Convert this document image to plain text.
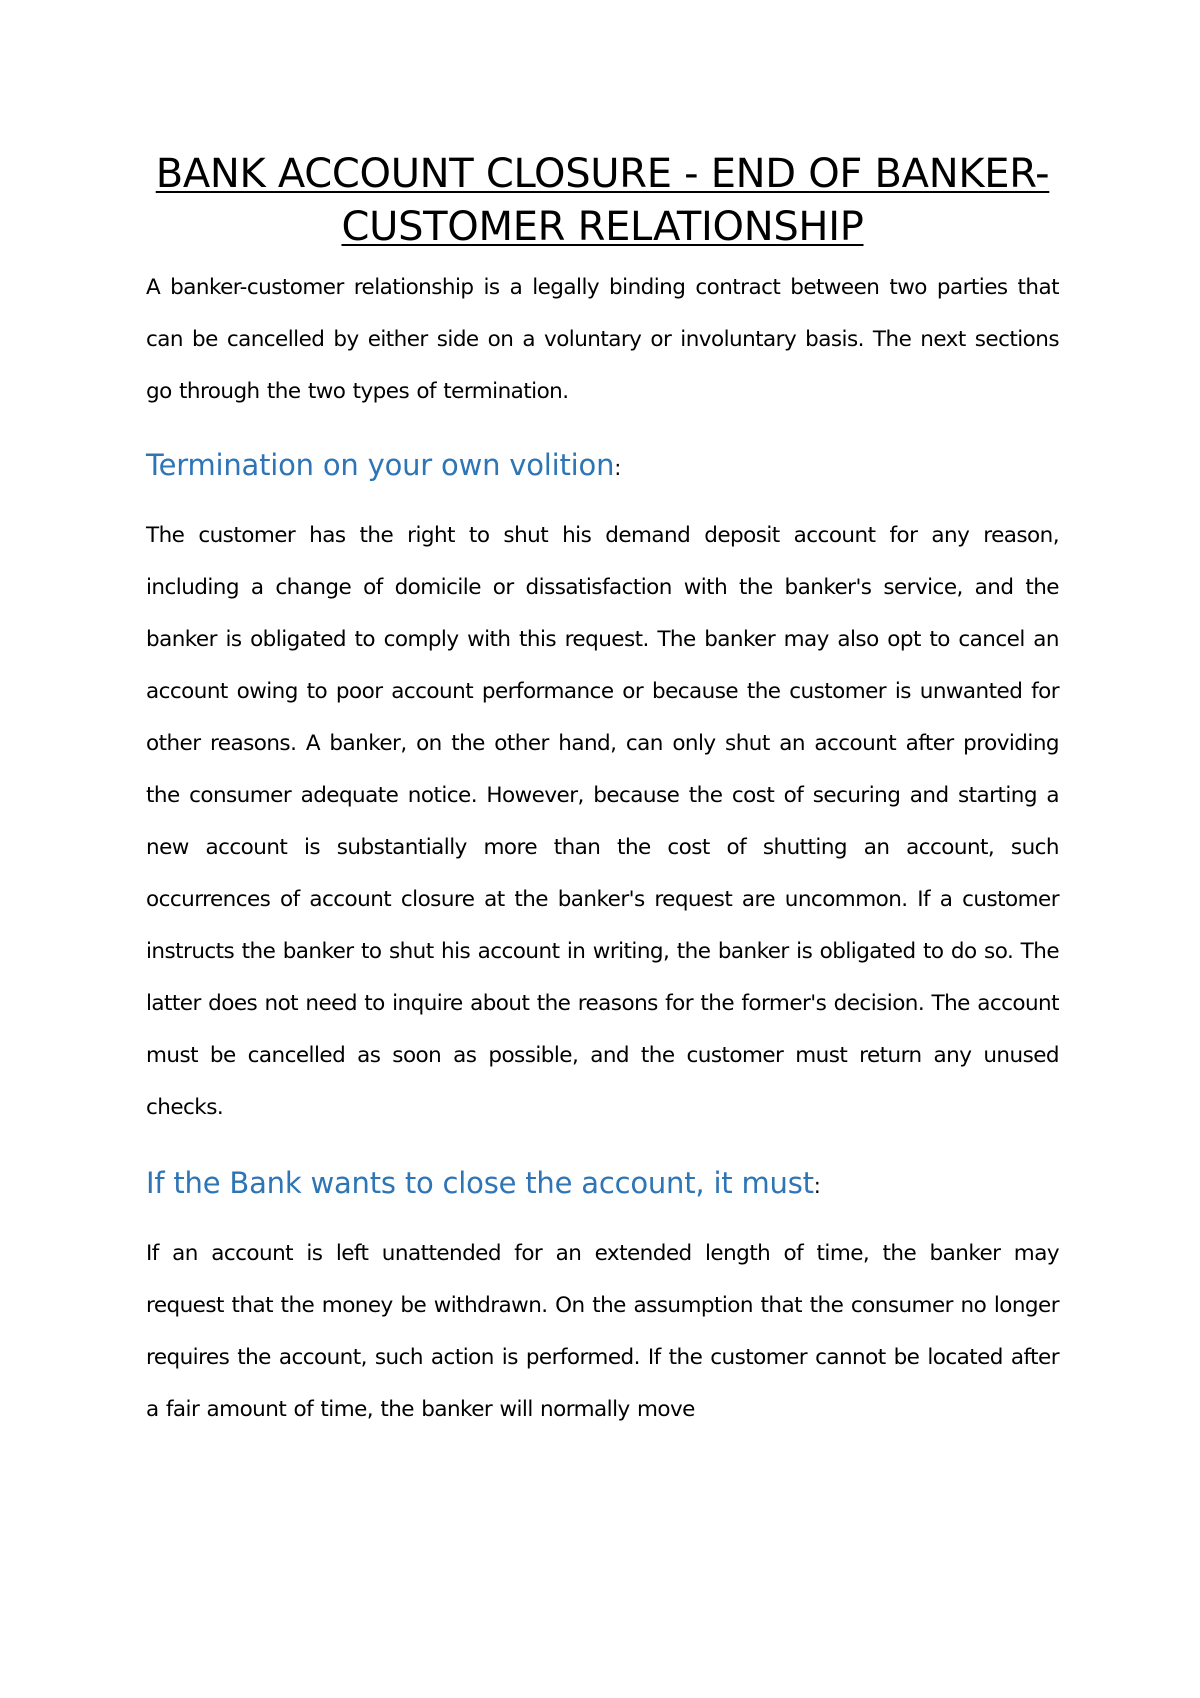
BANK ACCOUNT CLOSURE - END OF BANKER-CUSTOMER RELATIONSHIP

A banker-customer relationship is a legally binding contract between two parties that can be cancelled by either side on a voluntary or involuntary basis. The next sections go through the two types of termination.

Termination on your own volition:

The customer has the right to shut his demand deposit account for any reason, including a change of domicile or dissatisfaction with the banker's service, and the banker is obligated to comply with this request. The banker may also opt to cancel an account owing to poor account performance or because the customer is unwanted for other reasons. A banker, on the other hand, can only shut an account after providing the consumer adequate notice. However, because the cost of securing and starting a new account is substantially more than the cost of shutting an account, such occurrences of account closure at the banker's request are uncommon. If a customer instructs the banker to shut his account in writing, the banker is obligated to do so. The latter does not need to inquire about the reasons for the former's decision. The account must be cancelled as soon as possible, and the customer must return any unused checks.

If the Bank wants to close the account, it must:

If an account is left unattended for an extended length of time, the banker may request that the money be withdrawn. On the assumption that the consumer no longer requires the account, such action is performed. If the customer cannot be located after a fair amount of time, the banker will normally move
